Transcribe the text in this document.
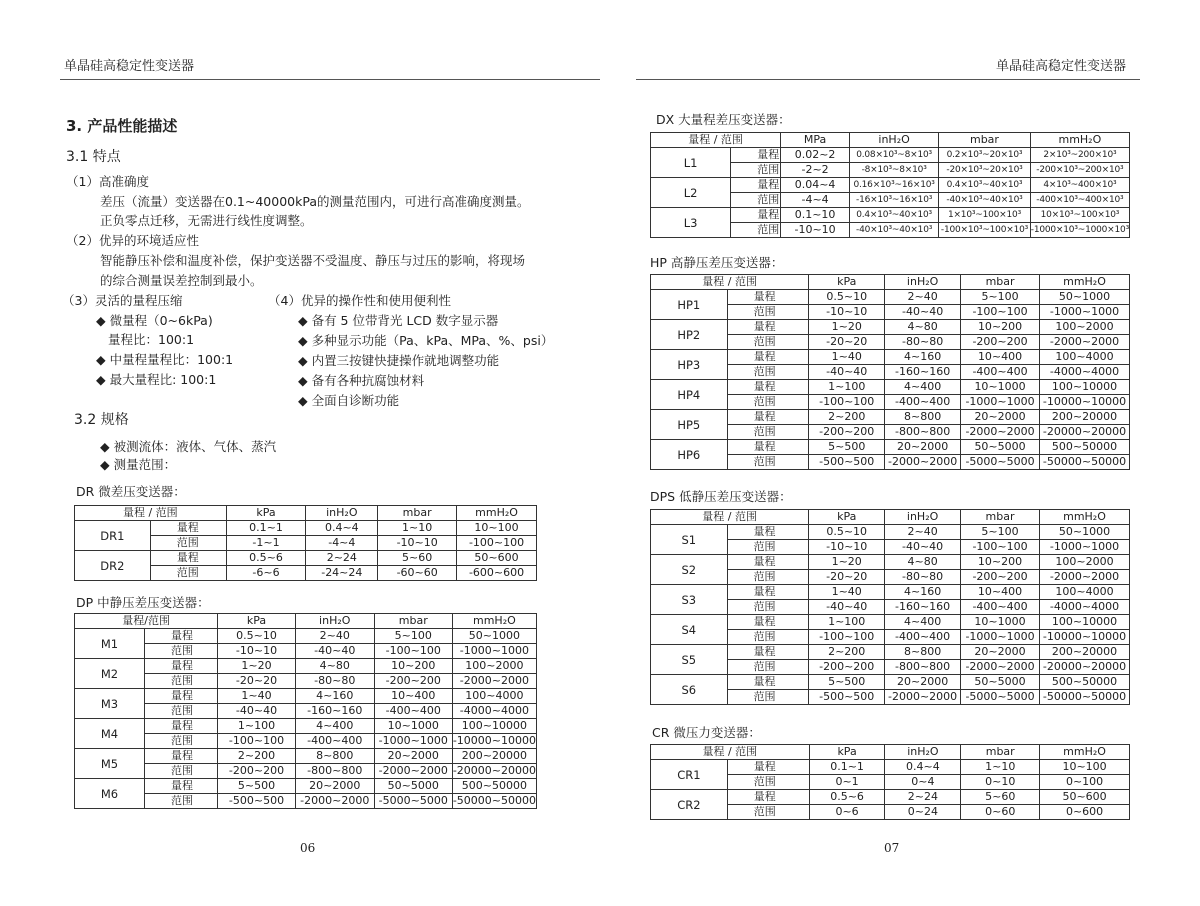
单晶硅高稳定性变送器	单晶硅高稳定性变送器
3. 产品性能描述
3.1 特点
（1）高准确度
差压（流量）变送器在0.1~40000kPa的测量范围内，可进行高准确度测量。
正负零点迁移，无需进行线性度调整。
（2）优异的环境适应性
智能静压补偿和温度补偿，保护变送器不受温度、静压与过压的影响，将现场
的综合测量误差控制到最小。
（3）灵活的量程压缩
◆ 微量程（0~6kPa)
量程比：100:1
◆ 中量程量程比：100:1
◆ 最大量程比: 100:1
（4）优异的操作性和使用便利性
◆ 备有 5 位带背光 LCD 数字显示器
◆ 多种显示功能（Pa、kPa、MPa、%、psi）
◆ 内置三按键快捷操作就地调整功能
◆ 备有各种抗腐蚀材料
◆ 全面自诊断功能
3.2 规格
◆ 被测流体：液体、气体、蒸汽
◆ 测量范围：
DR 微差压变送器：
DP 中静压差压变送器：
DX 大量程差压变送器：
HP 高静压差压变送器：
DPS 低静压差压变送器：
CR 微压力变送器：
量程 / 范围		kPa	inH₂O	mbar	mmH₂O
DR1	量程	0.1~1	0.4~4	1~10	10~100
	范围	-1~1	-4~4	-10~10	-100~100
DR2	量程	0.5~6	2~24	5~60	50~600
	范围	-6~6	-24~24	-60~60	-600~600
量程/范围		kPa	inH₂O	mbar	mmH₂O
M1	量程	0.5~10	2~40	5~100	50~1000
	范围	-10~10	-40~40	-100~100	-1000~1000
M2	量程	1~20	4~80	10~200	100~2000
	范围	-20~20	-80~80	-200~200	-2000~2000
M3	量程	1~40	4~160	10~400	100~4000
	范围	-40~40	-160~160	-400~400	-4000~4000
M4	量程	1~100	4~400	10~1000	100~10000
	范围	-100~100	-400~400	-1000~1000	-10000~10000
M5	量程	2~200	8~800	20~2000	200~20000
	范围	-200~200	-800~800	-2000~2000	-20000~20000
M6	量程	5~500	20~2000	50~5000	500~50000
	范围	-500~500	-2000~2000	-5000~5000	-50000~50000
量程 / 范围		MPa	inH₂O	mbar	mmH₂O
L1	量程	0.02~2	0.08×10³~8×10³	0.2×10³~20×10³	2×10³~200×10³
	范围	-2~2	-8×10³~8×10³	-20×10³~20×10³	-200×10³~200×10³
L2	量程	0.04~4	0.16×10³~16×10³	0.4×10³~40×10³	4×10³~400×10³
	范围	-4~4	-16×10³~16×10³	-40×10³~40×10³	-400×10³~400×10³
L3	量程	0.1~10	0.4×10³~40×10³	1×10³~100×10³	10×10³~100×10³
	范围	-10~10	-40×10³~40×10³	-100×10³~100×10³	-1000×10³~1000×10³
量程 / 范围		kPa	inH₂O	mbar	mmH₂O
HP1	量程	0.5~10	2~40	5~100	50~1000
	范围	-10~10	-40~40	-100~100	-1000~1000
HP2	量程	1~20	4~80	10~200	100~2000
	范围	-20~20	-80~80	-200~200	-2000~2000
HP3	量程	1~40	4~160	10~400	100~4000
	范围	-40~40	-160~160	-400~400	-4000~4000
HP4	量程	1~100	4~400	10~1000	100~10000
	范围	-100~100	-400~400	-1000~1000	-10000~10000
HP5	量程	2~200	8~800	20~2000	200~20000
	范围	-200~200	-800~800	-2000~2000	-20000~20000
HP6	量程	5~500	20~2000	50~5000	500~50000
	范围	-500~500	-2000~2000	-5000~5000	-50000~50000
量程 / 范围		kPa	inH₂O	mbar	mmH₂O
S1	量程	0.5~10	2~40	5~100	50~1000
	范围	-10~10	-40~40	-100~100	-1000~1000
S2	量程	1~20	4~80	10~200	100~2000
	范围	-20~20	-80~80	-200~200	-2000~2000
S3	量程	1~40	4~160	10~400	100~4000
	范围	-40~40	-160~160	-400~400	-4000~4000
S4	量程	1~100	4~400	10~1000	100~10000
	范围	-100~100	-400~400	-1000~1000	-10000~10000
S5	量程	2~200	8~800	20~2000	200~20000
	范围	-200~200	-800~800	-2000~2000	-20000~20000
S6	量程	5~500	20~2000	50~5000	500~50000
	范围	-500~500	-2000~2000	-5000~5000	-50000~50000
量程 / 范围		kPa	inH₂O	mbar	mmH₂O
CR1	量程	0.1~1	0.4~4	1~10	10~100
	范围	0~1	0~4	0~10	0~100
CR2	量程	0.5~6	2~24	5~60	50~600
	范围	0~6	0~24	0~60	0~600
06	07
